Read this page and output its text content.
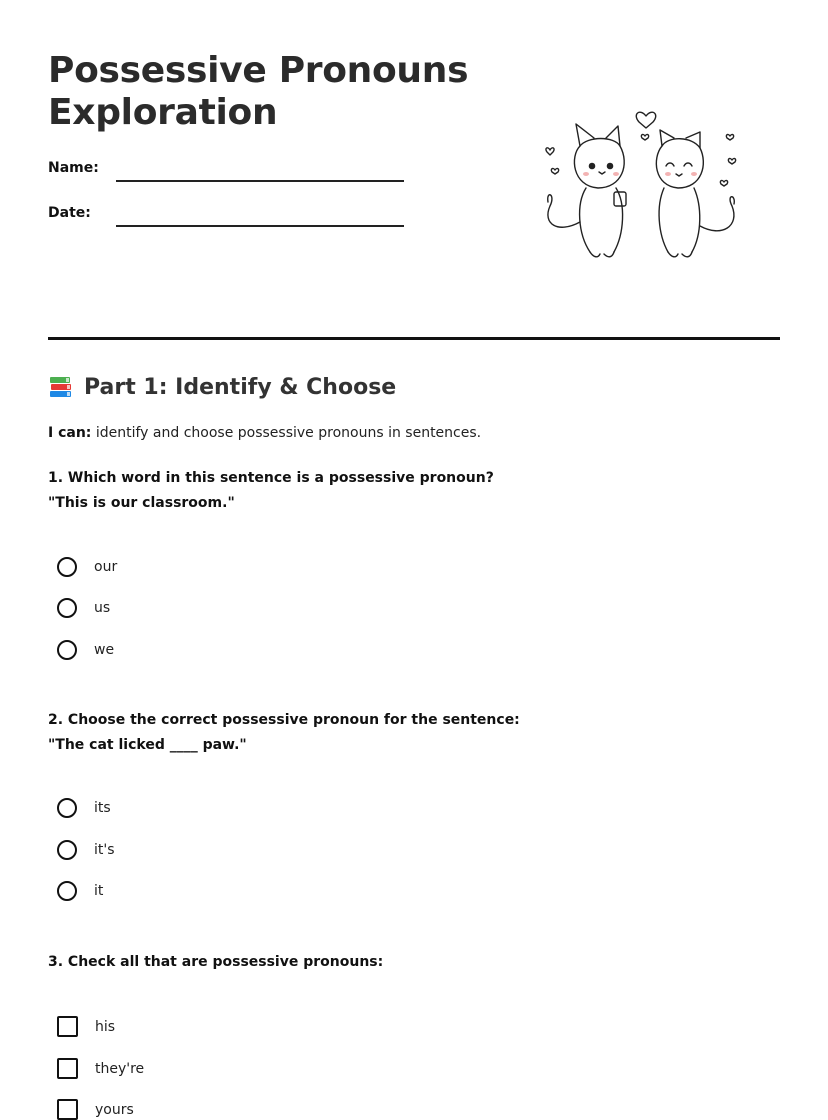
Possessive Pronouns
Exploration
Name:
Date:
Part 1: Identify & Choose
I can: identify and choose possessive pronouns in sentences.
1. Which word in this sentence is a possessive pronoun?
"This is our classroom."
our
us
we
2. Choose the correct possessive pronoun for the sentence:
"The cat licked ____ paw."
its
it's
it
3. Check all that are possessive pronouns:
his
they're
yours
